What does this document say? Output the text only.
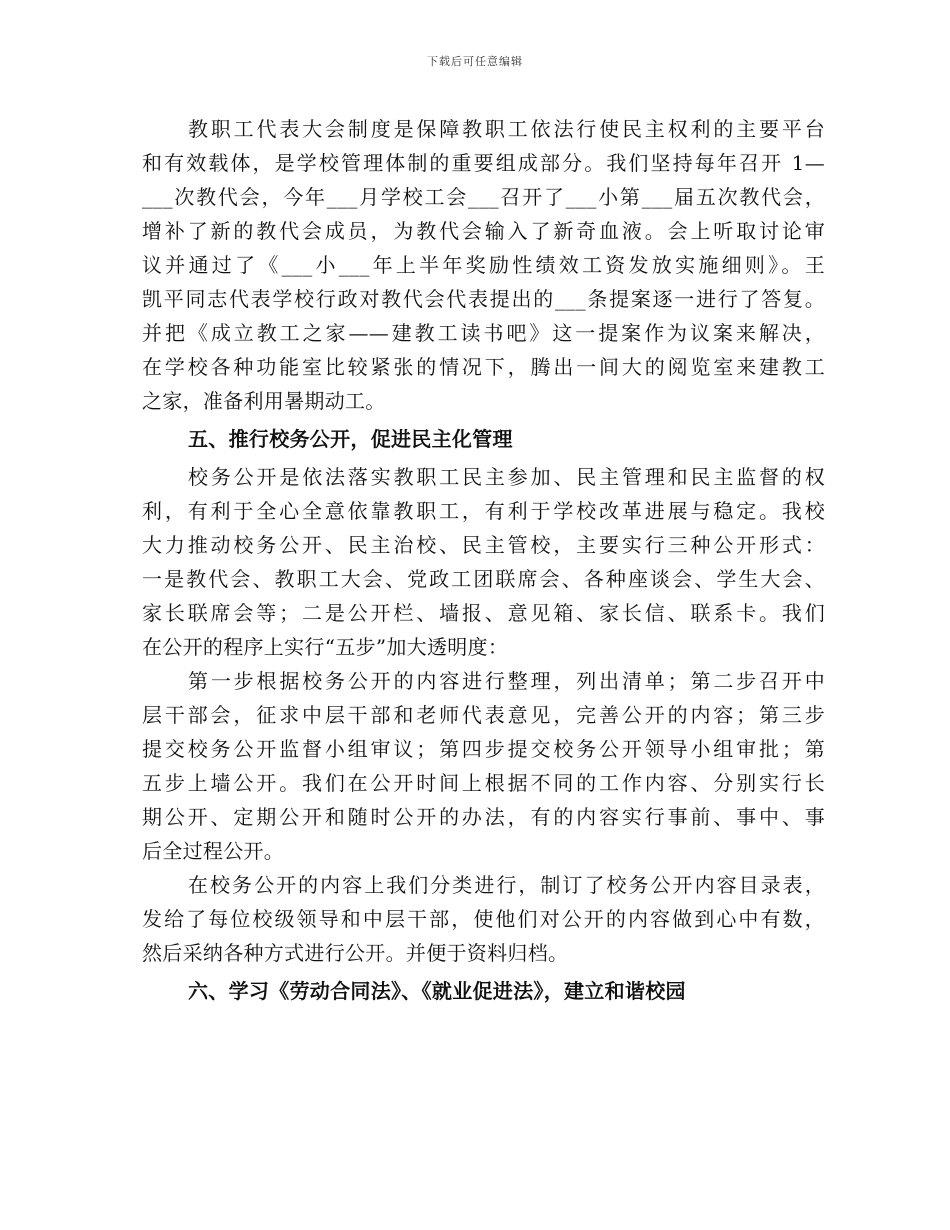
下载后可任意编辑
教职工代表大会制度是保障教职工依法行使民主权利的主要平台
和有效载体，是学校管理体制的重要组成部分。我们坚持每年召开 1—
___次教代会，今年___月学校工会___召开了___小第___届五次教代会，
增补了新的教代会成员，为教代会输入了新奇血液。会上听取讨论审
议并通过了《___小___年上半年奖励性绩效工资发放实施细则》。王
凯平同志代表学校行政对教代会代表提出的___条提案逐一进行了答复。
并把《成立教工之家——建教工读书吧》这一提案作为议案来解决，
在学校各种功能室比较紧张的情况下，腾出一间大的阅览室来建教工
之家，准备利用暑期动工。
五、推行校务公开，促进民主化管理
校务公开是依法落实教职工民主参加、民主管理和民主监督的权
利，有利于全心全意依靠教职工，有利于学校改革进展与稳定。我校
大力推动校务公开、民主治校、民主管校，主要实行三种公开形式：
一是教代会、教职工大会、党政工团联席会、各种座谈会、学生大会、
家长联席会等；二是公开栏、墙报、意见箱、家长信、联系卡。我们
在公开的程序上实行“五步”加大透明度：
第一步根据校务公开的内容进行整理，列出清单；第二步召开中
层干部会，征求中层干部和老师代表意见，完善公开的内容；第三步
提交校务公开监督小组审议；第四步提交校务公开领导小组审批；第
五步上墙公开。我们在公开时间上根据不同的工作内容、分别实行长
期公开、定期公开和随时公开的办法，有的内容实行事前、事中、事
后全过程公开。
在校务公开的内容上我们分类进行，制订了校务公开内容目录表，
发给了每位校级领导和中层干部，使他们对公开的内容做到心中有数，
然后采纳各种方式进行公开。并便于资料归档。
六、学习《劳动合同法》、《就业促进法》，建立和谐校园
